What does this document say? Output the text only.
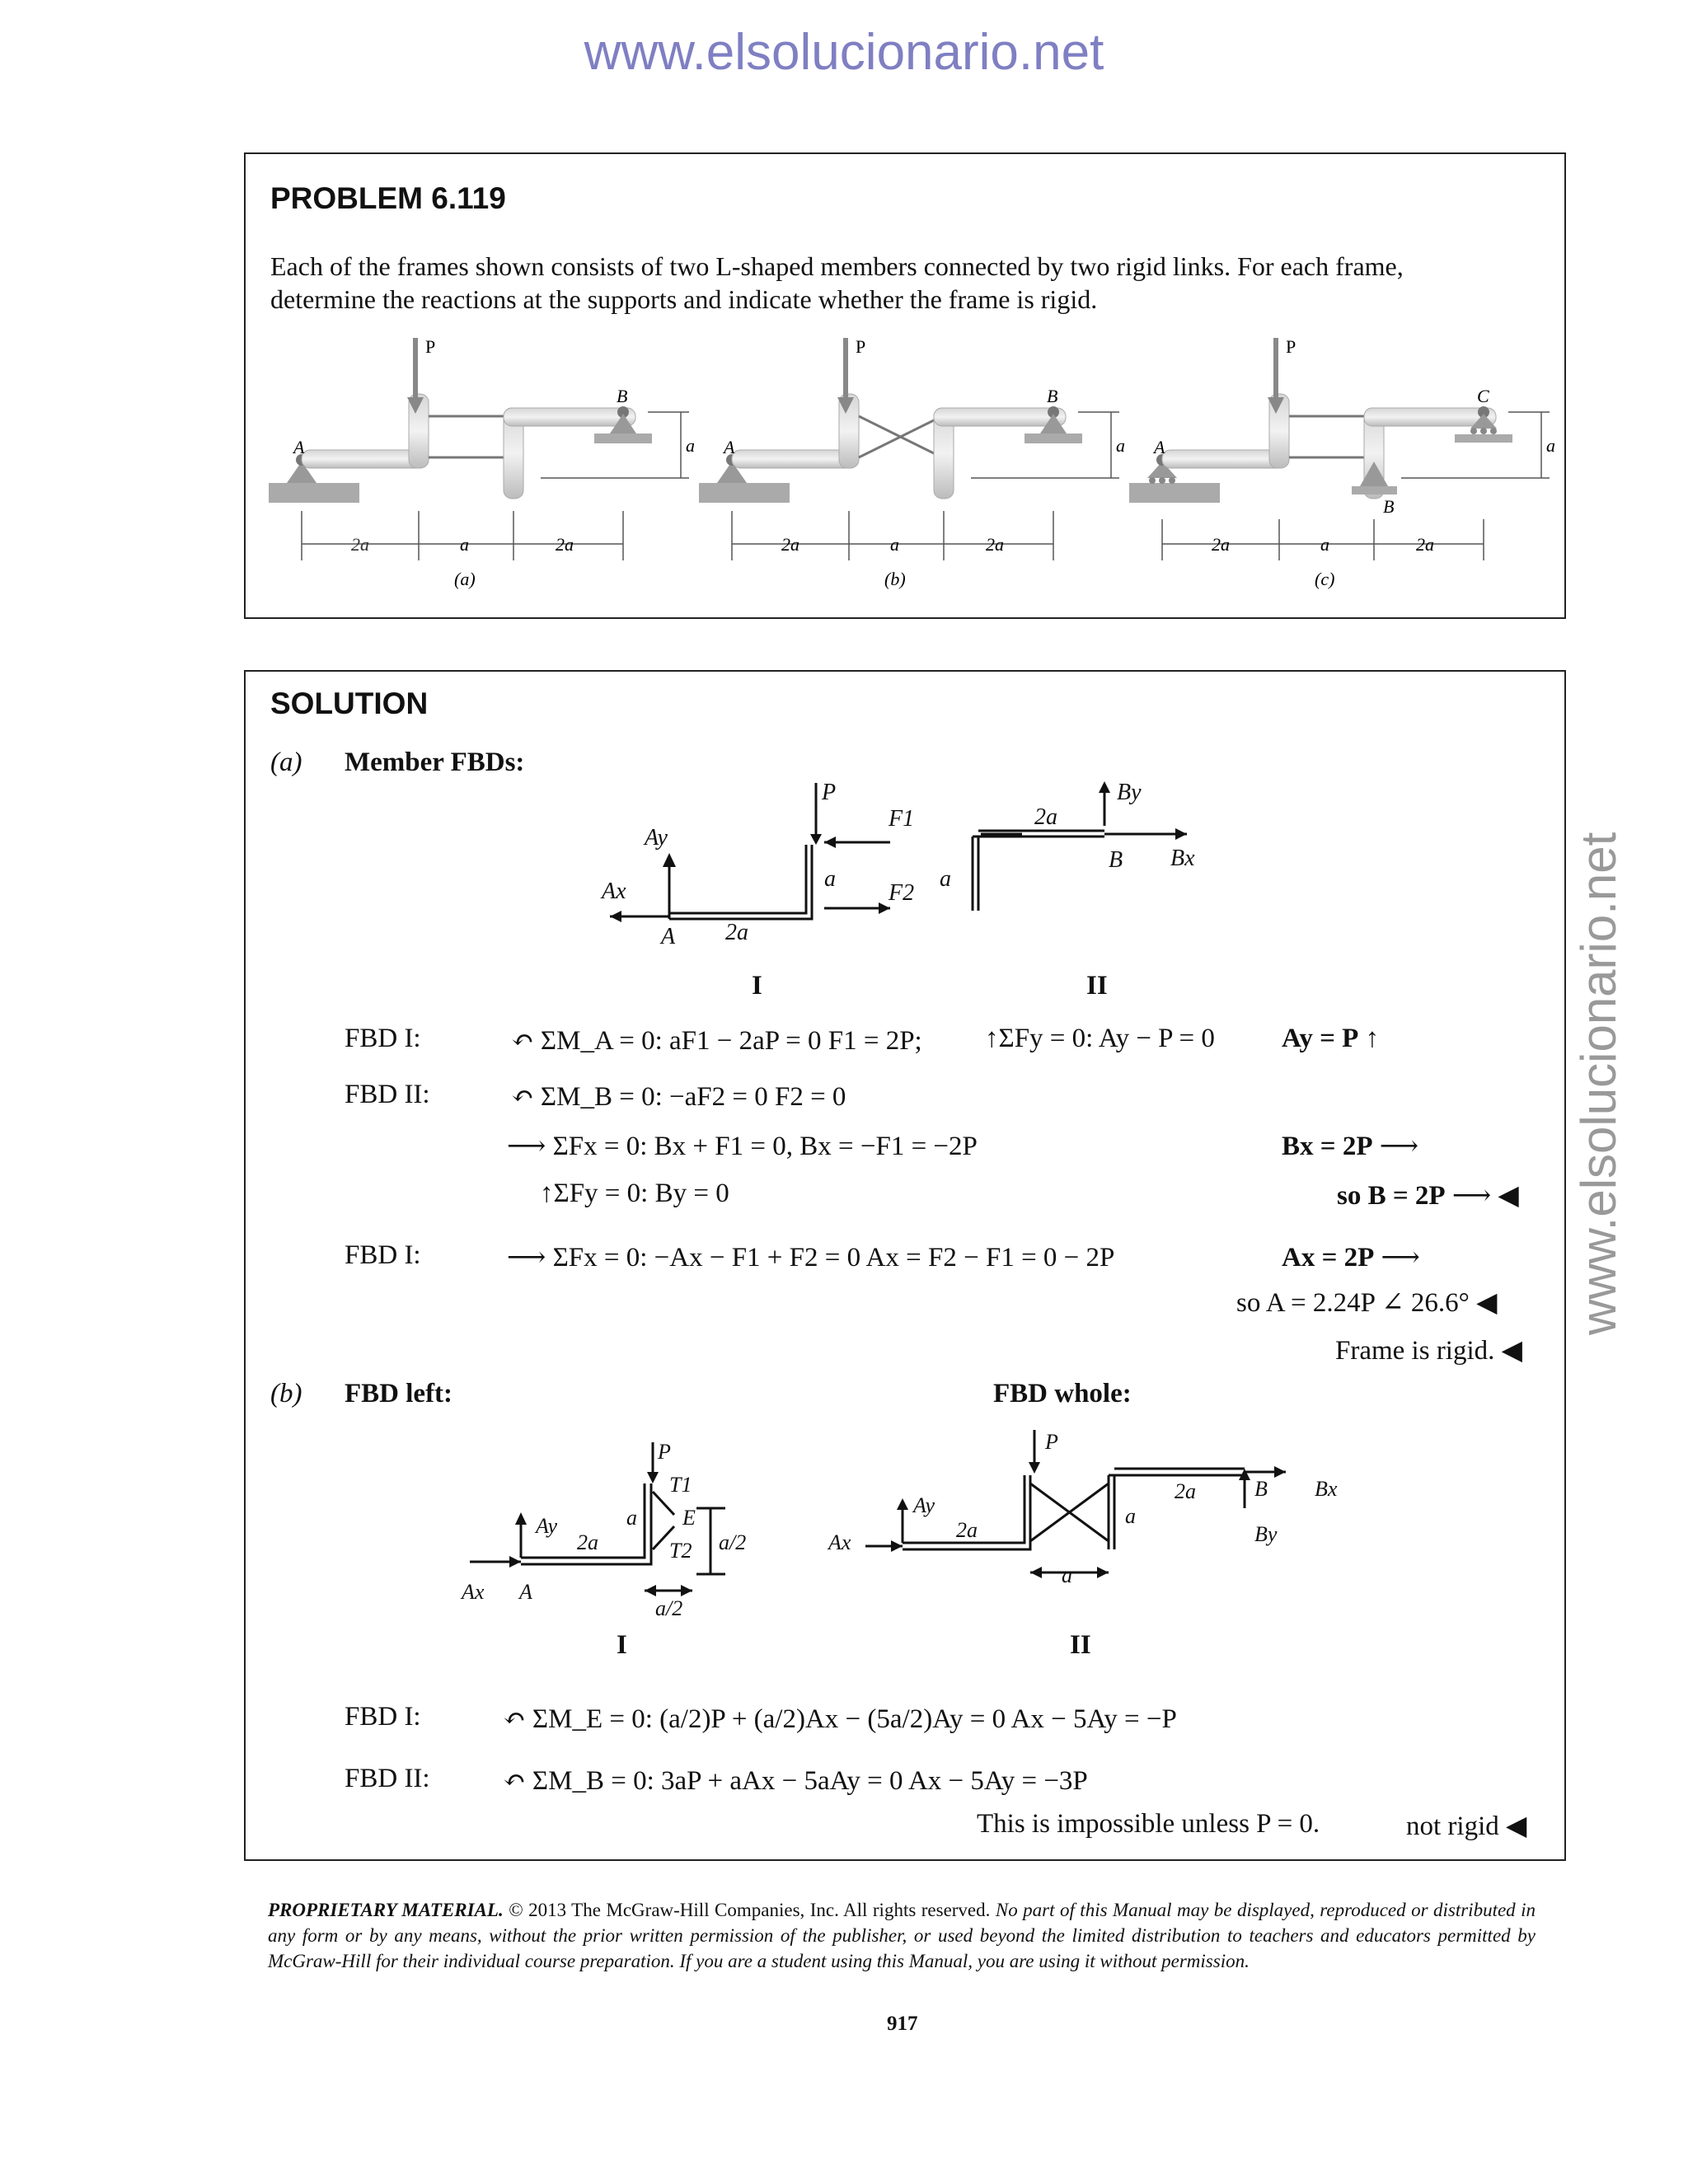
www.elsolucionario.net
www.elsolucionario.net
PROBLEM 6.119
Each of the frames shown consists of two L-shaped members connected by two rigid links. For each frame,
determine the reactions at the supports and indicate whether the frame is rigid.
P
A
B
a
2a	a	2a
(a)
P
A
B
a
2a	a	2a
(b)
P
A
B
C
a
2a	a	2a
(c)
SOLUTION
(a) Member FBDs:
P
F1
F2
Ay
Ax
A 2a
a	a
2a
By
B Bx
I	II
FBD I:	↶ ΣM_A = 0: aF1 − 2aP = 0 F1 = 2P; ↑ΣFy = 0: Ay − P = 0 Ay = P ↑
FBD II:	↶ ΣM_B = 0: −aF2 = 0 F2 = 0
⟶ ΣFx = 0: Bx + F1 = 0, Bx = −F1 = −2P	Bx = 2P ⟶
↑ΣFy = 0: By = 0	so B = 2P ⟶ ◀
FBD I:	⟶ ΣFx = 0: −Ax − F1 + F2 = 0 Ax = F2 − F1 = 0 − 2P	Ax = 2P ⟶
so A = 2.24P ∠ 26.6° ◀
Frame is rigid. ◀
(b) FBD left:	FBD whole:
P
T1
T2
E
Ay
Ax A
2a
a
a/2
a/2
P
Ay
Ax
2a
a
2a	B Bx
By
a
I	II
FBD I:	↶ ΣM_E = 0: (a/2)P + (a/2)Ax − (5a/2)Ay = 0 Ax − 5Ay = −P
FBD II:	↶ ΣM_B = 0: 3aP + aAx − 5aAy = 0 Ax − 5Ay = −3P
This is impossible unless P = 0.	not rigid ◀
PROPRIETARY MATERIAL. © 2013 The McGraw-Hill Companies, Inc. All rights reserved. No part of this Manual may be displayed, reproduced or distributed in any form or by any means, without the prior written permission of the publisher, or used beyond the limited distribution to teachers and educators permitted by McGraw-Hill for their individual course preparation. If you are a student using this Manual, you are using it without permission.
917
